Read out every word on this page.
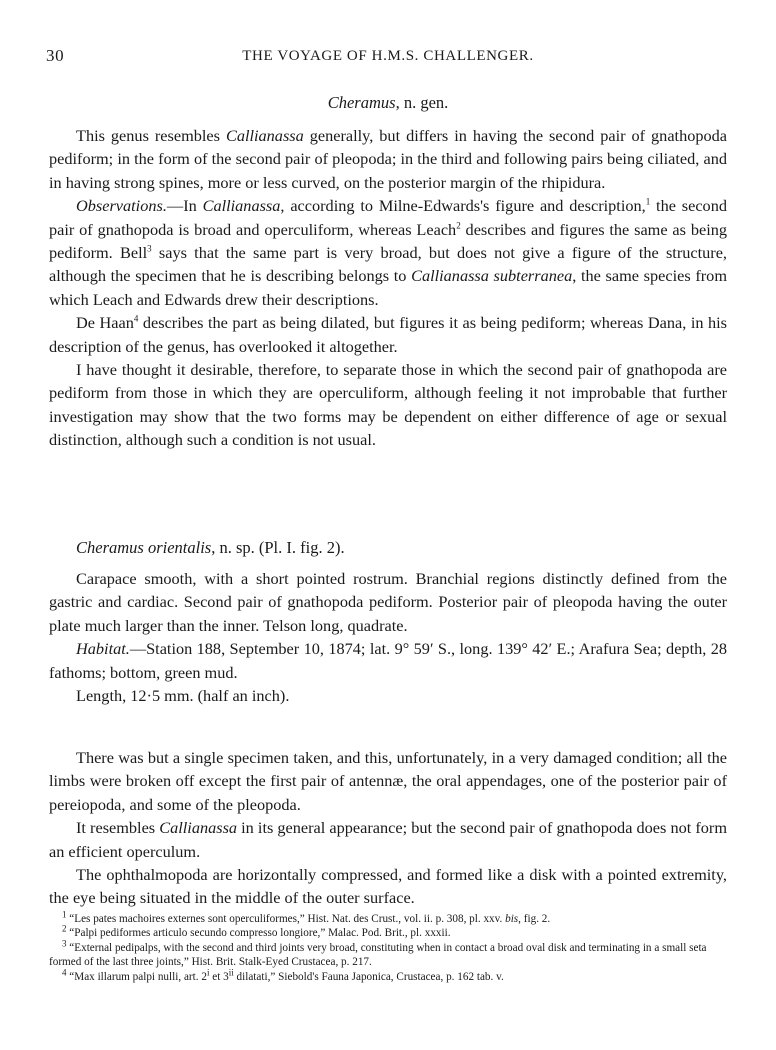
30	THE VOYAGE OF H.M.S. CHALLENGER.
Cheramus, n. gen.

This genus resembles Callianassa generally, but differs in having the second pair of gnathopoda pediform; in the form of the second pair of pleopoda; in the third and following pairs being ciliated, and in having strong spines, more or less curved, on the posterior margin of the rhipidura.

Observations.—In Callianassa, according to Milne-Edwards's figure and description,$^1$ the second pair of gnathopoda is broad and operculiform, whereas Leach$^2$ describes and figures the same as being pediform. Bell$^3$ says that the same part is very broad, but does not give a figure of the structure, although the specimen that he is describing belongs to Callianassa subterranea, the same species from which Leach and Edwards drew their descriptions.

De Haan$^4$ describes the part as being dilated, but figures it as being pediform; whereas Dana, in his description of the genus, has overlooked it altogether.

I have thought it desirable, therefore, to separate those in which the second pair of gnathopoda are pediform from those in which they are operculiform, although feeling it not improbable that further investigation may show that the two forms may be dependent on either difference of age or sexual distinction, although such a condition is not usual.

Cheramus orientalis, n. sp. (Pl. I. fig. 2).

Carapace smooth, with a short pointed rostrum. Branchial regions distinctly defined from the gastric and cardiac. Second pair of gnathopoda pediform. Posterior pair of pleopoda having the outer plate much larger than the inner. Telson long, quadrate.

Habitat.—Station 188, September 10, 1874; lat. 9° 59′ S., long. 139° 42′ E.; Arafura Sea; depth, 28 fathoms; bottom, green mud.

Length, 12·5 mm. (half an inch).

There was but a single specimen taken, and this, unfortunately, in a very damaged condition; all the limbs were broken off except the first pair of antennæ, the oral appendages, one of the posterior pair of pereiopoda, and some of the pleopoda.

It resembles Callianassa in its general appearance; but the second pair of gnathopoda does not form an efficient operculum.

The ophthalmopoda are horizontally compressed, and formed like a disk with a pointed extremity, the eye being situated in the middle of the outer surface.

$^1$ “Les pates machoires externes sont operculiformes,” Hist. Nat. des Crust., vol. ii. p. 308, pl. xxv. bis, fig. 2.

$^2$ “Palpi pediformes articulo secundo compresso longiore,” Malac. Pod. Brit., pl. xxxii.

$^3$ “External pedipalps, with the second and third joints very broad, constituting when in contact a broad oval disk and terminating in a small seta formed of the last three joints,” Hist. Brit. Stalk-Eyed Crustacea, p. 217.

$^4$ “Max illarum palpi nulli, art. 2$^i$ et 3$^{ii}$ dilatati,” Siebold's Fauna Japonica, Crustacea, p. 162 tab. v.
